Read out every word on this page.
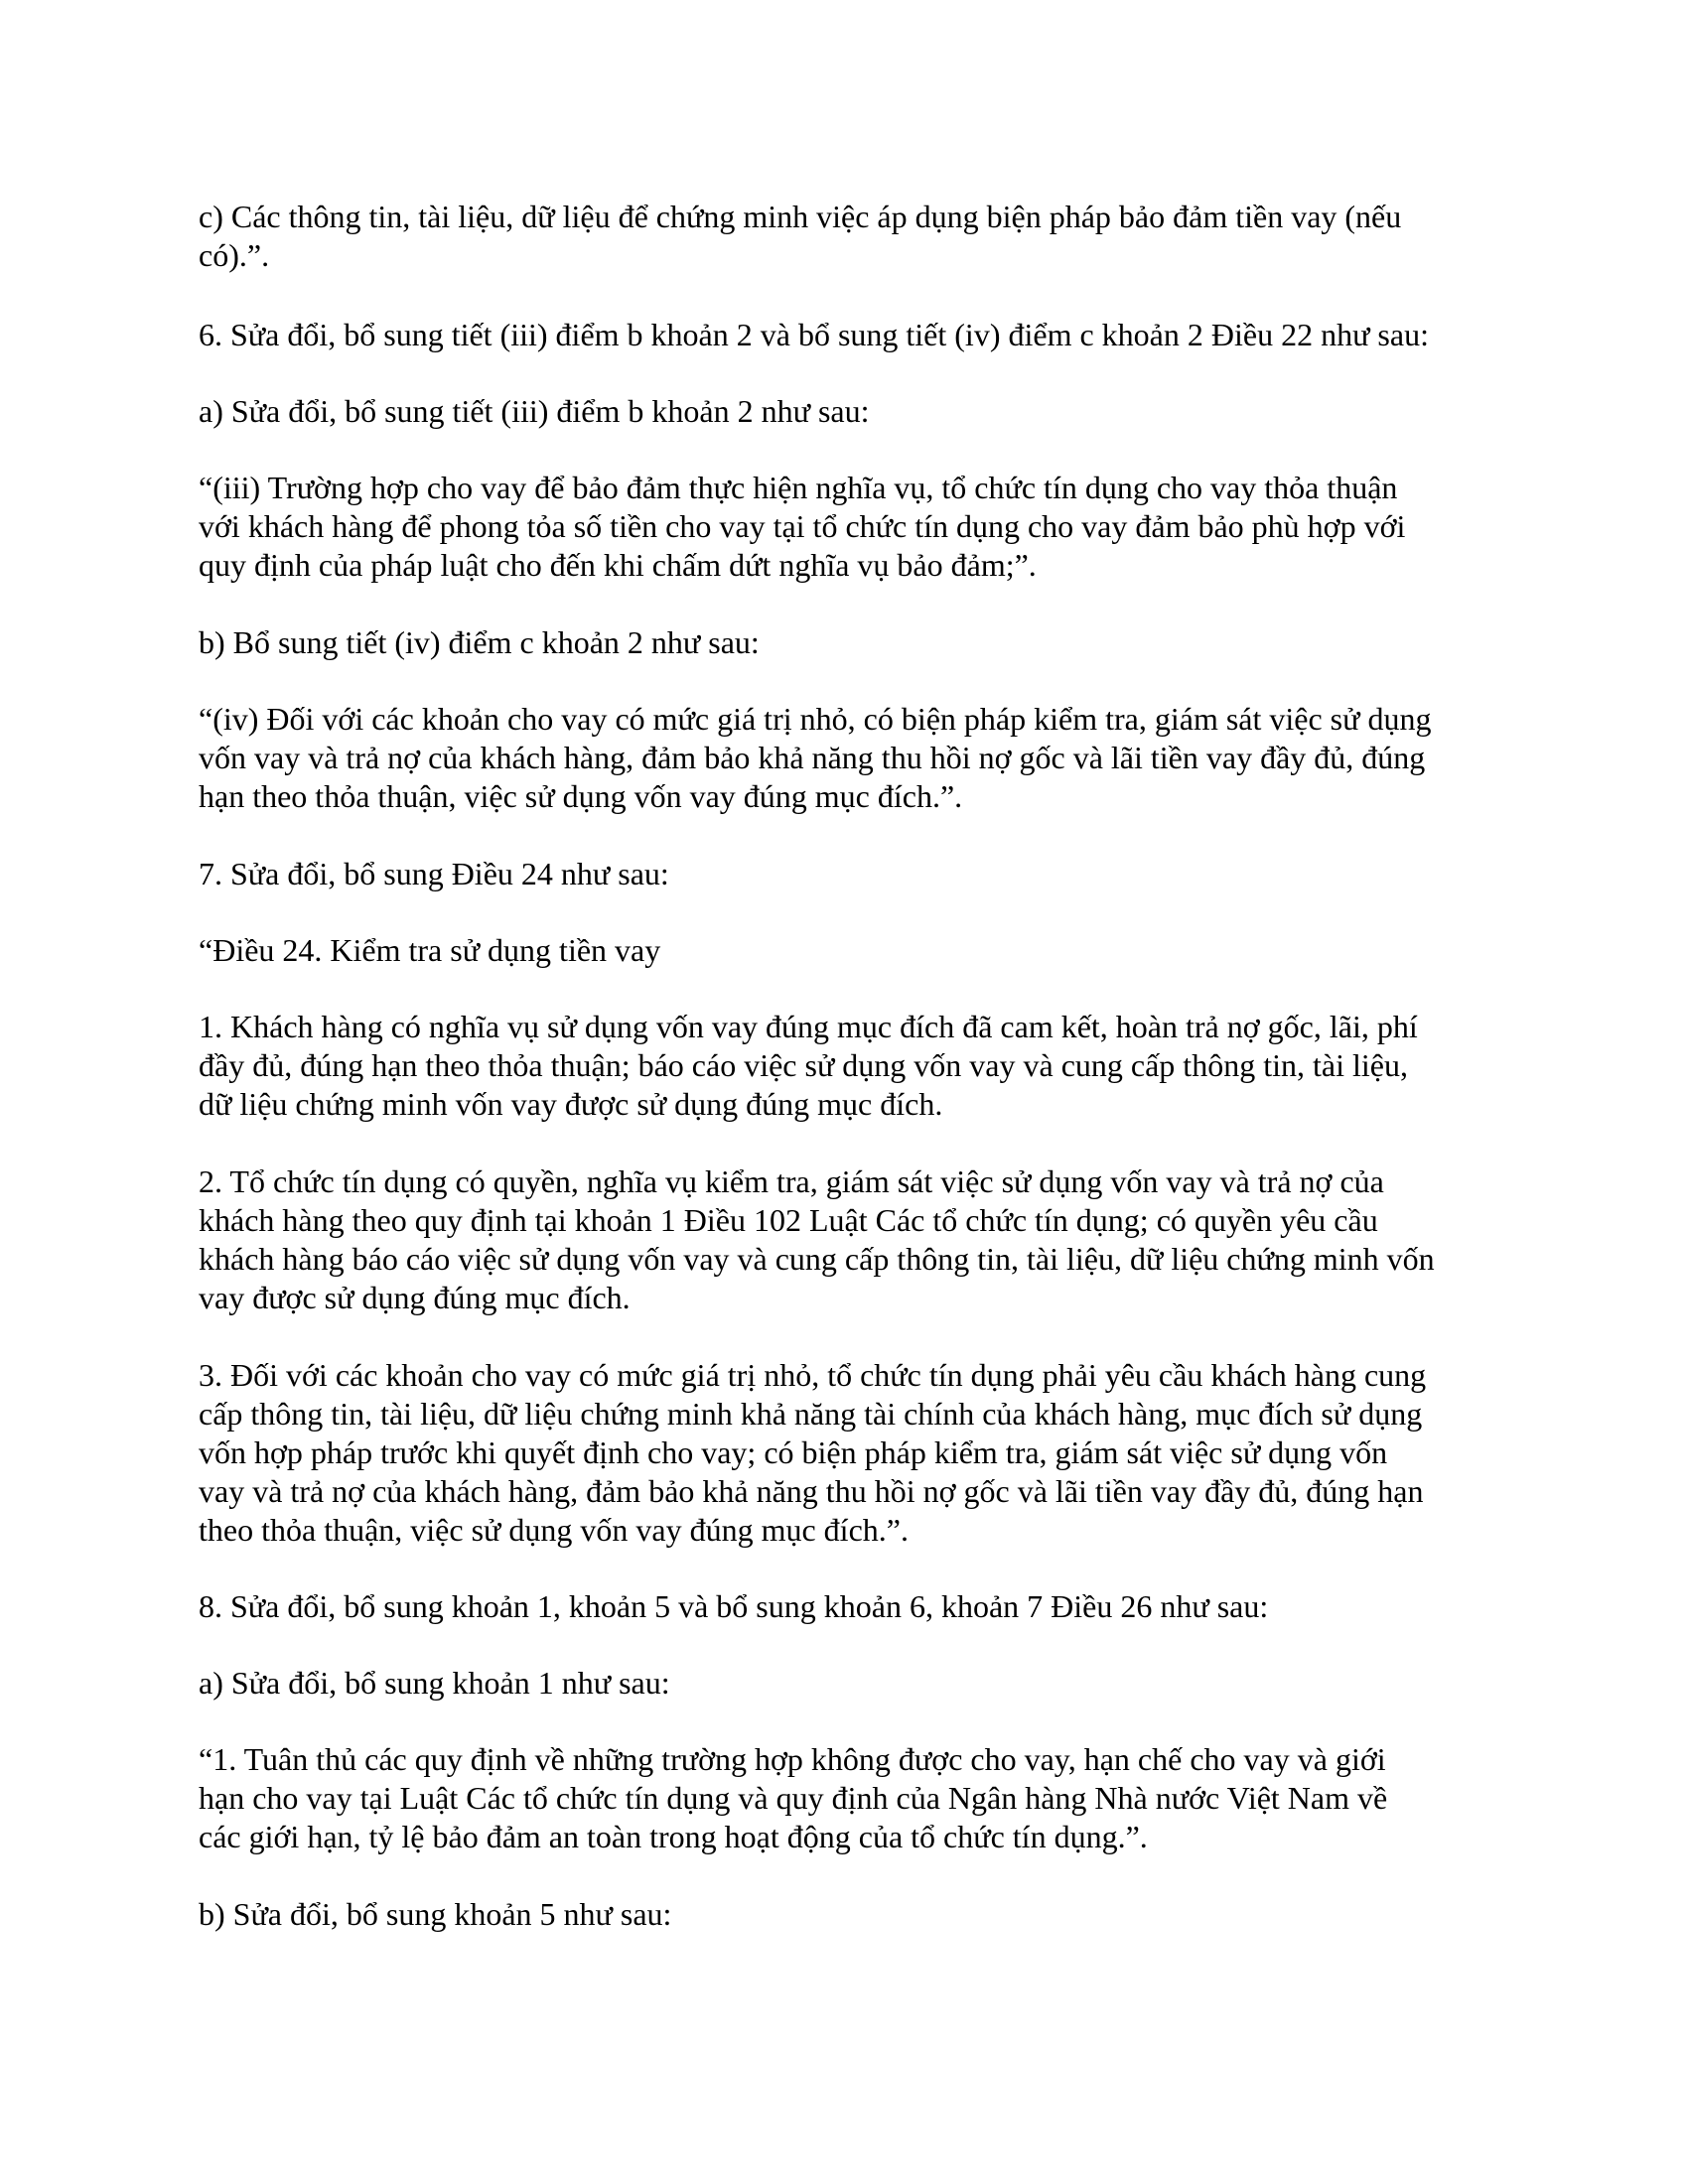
c) Các thông tin, tài liệu, dữ liệu để chứng minh việc áp dụng biện pháp bảo đảm tiền vay (nếu
có).”.

6. Sửa đổi, bổ sung tiết (iii) điểm b khoản 2 và bổ sung tiết (iv) điểm c khoản 2 Điều 22 như sau:

a) Sửa đổi, bổ sung tiết (iii) điểm b khoản 2 như sau:

“(iii) Trường hợp cho vay để bảo đảm thực hiện nghĩa vụ, tổ chức tín dụng cho vay thỏa thuận
với khách hàng để phong tỏa số tiền cho vay tại tổ chức tín dụng cho vay đảm bảo phù hợp với
quy định của pháp luật cho đến khi chấm dứt nghĩa vụ bảo đảm;”.

b) Bổ sung tiết (iv) điểm c khoản 2 như sau:

“(iv) Đối với các khoản cho vay có mức giá trị nhỏ, có biện pháp kiểm tra, giám sát việc sử dụng
vốn vay và trả nợ của khách hàng, đảm bảo khả năng thu hồi nợ gốc và lãi tiền vay đầy đủ, đúng
hạn theo thỏa thuận, việc sử dụng vốn vay đúng mục đích.”.

7. Sửa đổi, bổ sung Điều 24 như sau:

“Điều 24. Kiểm tra sử dụng tiền vay

1. Khách hàng có nghĩa vụ sử dụng vốn vay đúng mục đích đã cam kết, hoàn trả nợ gốc, lãi, phí
đầy đủ, đúng hạn theo thỏa thuận; báo cáo việc sử dụng vốn vay và cung cấp thông tin, tài liệu,
dữ liệu chứng minh vốn vay được sử dụng đúng mục đích.

2. Tổ chức tín dụng có quyền, nghĩa vụ kiểm tra, giám sát việc sử dụng vốn vay và trả nợ của
khách hàng theo quy định tại khoản 1 Điều 102 Luật Các tổ chức tín dụng; có quyền yêu cầu
khách hàng báo cáo việc sử dụng vốn vay và cung cấp thông tin, tài liệu, dữ liệu chứng minh vốn
vay được sử dụng đúng mục đích.

3. Đối với các khoản cho vay có mức giá trị nhỏ, tổ chức tín dụng phải yêu cầu khách hàng cung
cấp thông tin, tài liệu, dữ liệu chứng minh khả năng tài chính của khách hàng, mục đích sử dụng
vốn hợp pháp trước khi quyết định cho vay; có biện pháp kiểm tra, giám sát việc sử dụng vốn
vay và trả nợ của khách hàng, đảm bảo khả năng thu hồi nợ gốc và lãi tiền vay đầy đủ, đúng hạn
theo thỏa thuận, việc sử dụng vốn vay đúng mục đích.”.

8. Sửa đổi, bổ sung khoản 1, khoản 5 và bổ sung khoản 6, khoản 7 Điều 26 như sau:

a) Sửa đổi, bổ sung khoản 1 như sau:

“1. Tuân thủ các quy định về những trường hợp không được cho vay, hạn chế cho vay và giới
hạn cho vay tại Luật Các tổ chức tín dụng và quy định của Ngân hàng Nhà nước Việt Nam về
các giới hạn, tỷ lệ bảo đảm an toàn trong hoạt động của tổ chức tín dụng.”.

b) Sửa đổi, bổ sung khoản 5 như sau:
